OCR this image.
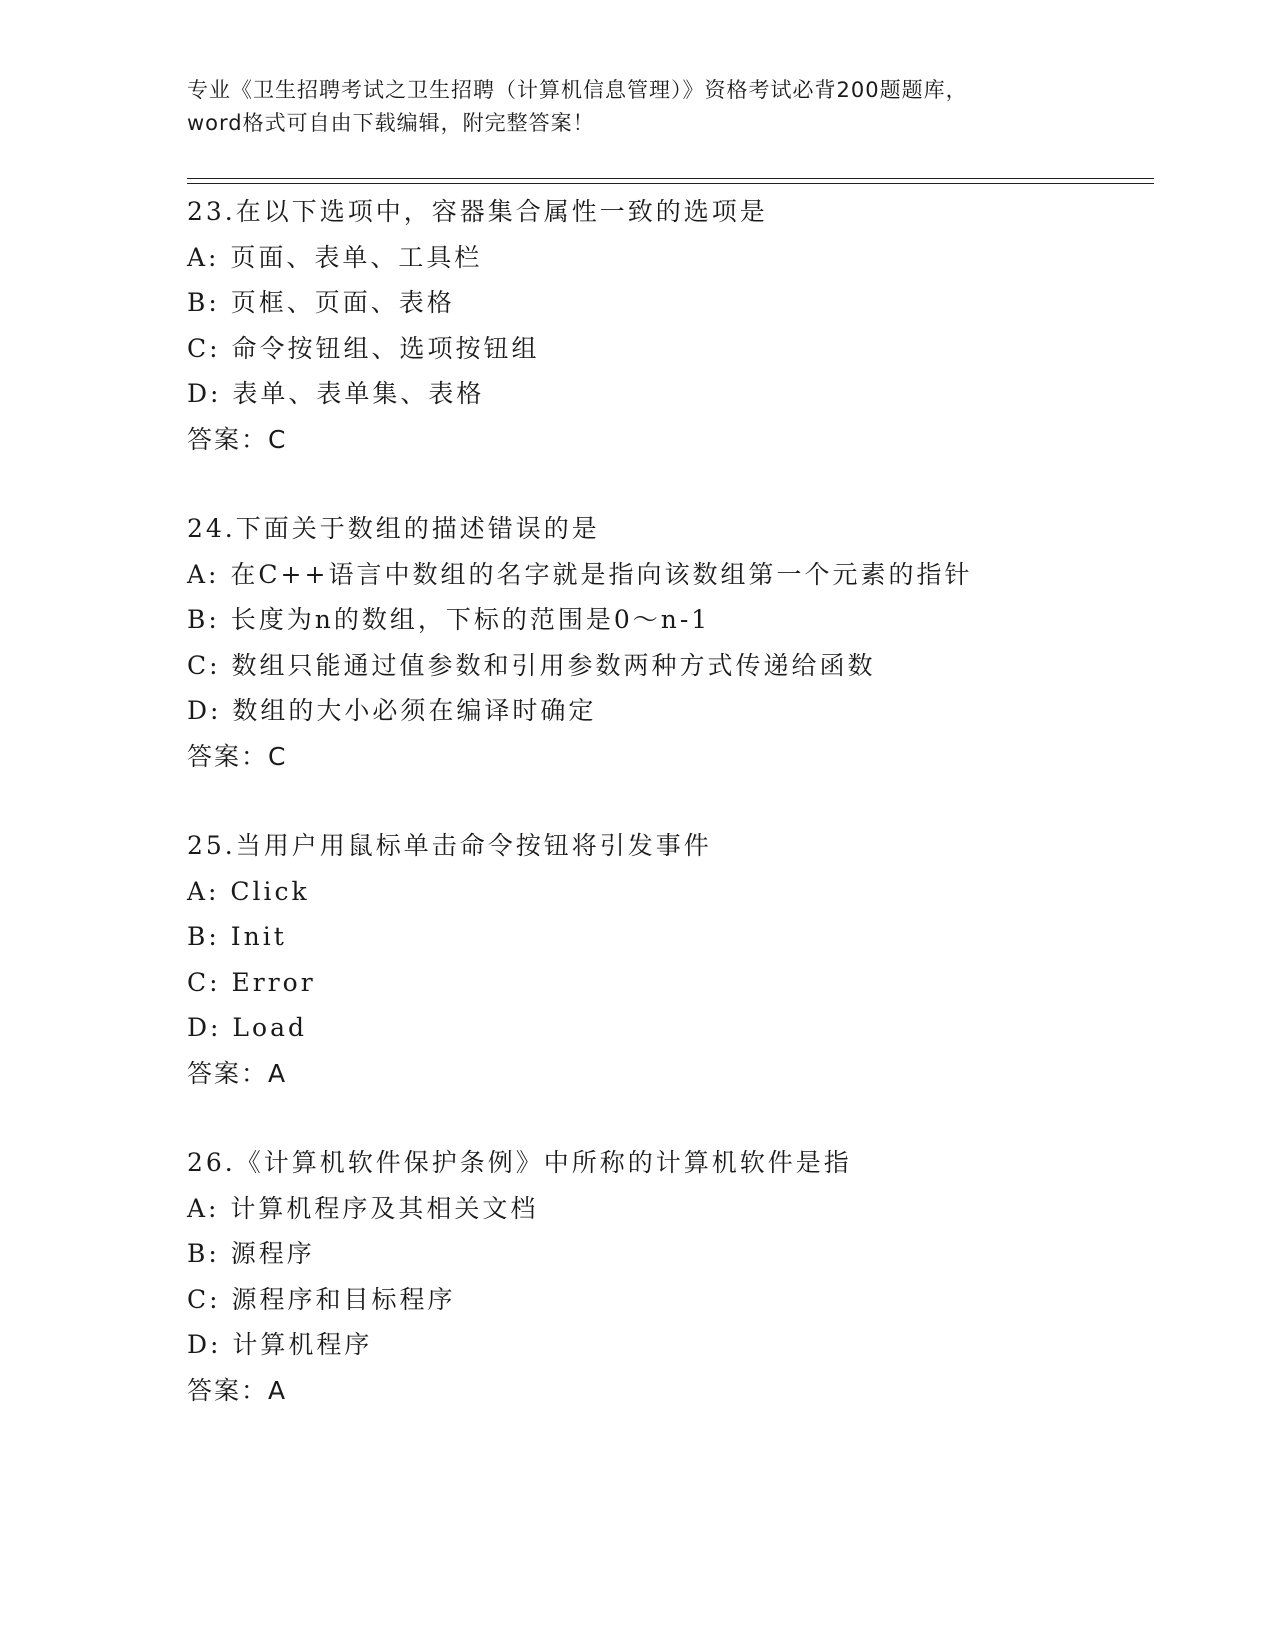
专业《卫生招聘考试之卫生招聘（计算机信息管理）》资格考试必背200题题库，
word格式可自由下载编辑，附完整答案！
23.在以下选项中，容器集合属性一致的选项是
A: 页面、表单、工具栏
B: 页框、页面、表格
C: 命令按钮组、选项按钮组
D: 表单、表单集、表格
答案：C
24.下面关于数组的描述错误的是
A: 在C++语言中数组的名字就是指向该数组第一个元素的指针
B: 长度为n的数组，下标的范围是0～n-1
C: 数组只能通过值参数和引用参数两种方式传递给函数
D: 数组的大小必须在编译时确定
答案：C
25.当用户用鼠标单击命令按钮将引发事件
A: Click
B: Init
C: Error
D: Load
答案：A
26.《计算机软件保护条例》中所称的计算机软件是指
A: 计算机程序及其相关文档
B: 源程序
C: 源程序和目标程序
D: 计算机程序
答案：A
